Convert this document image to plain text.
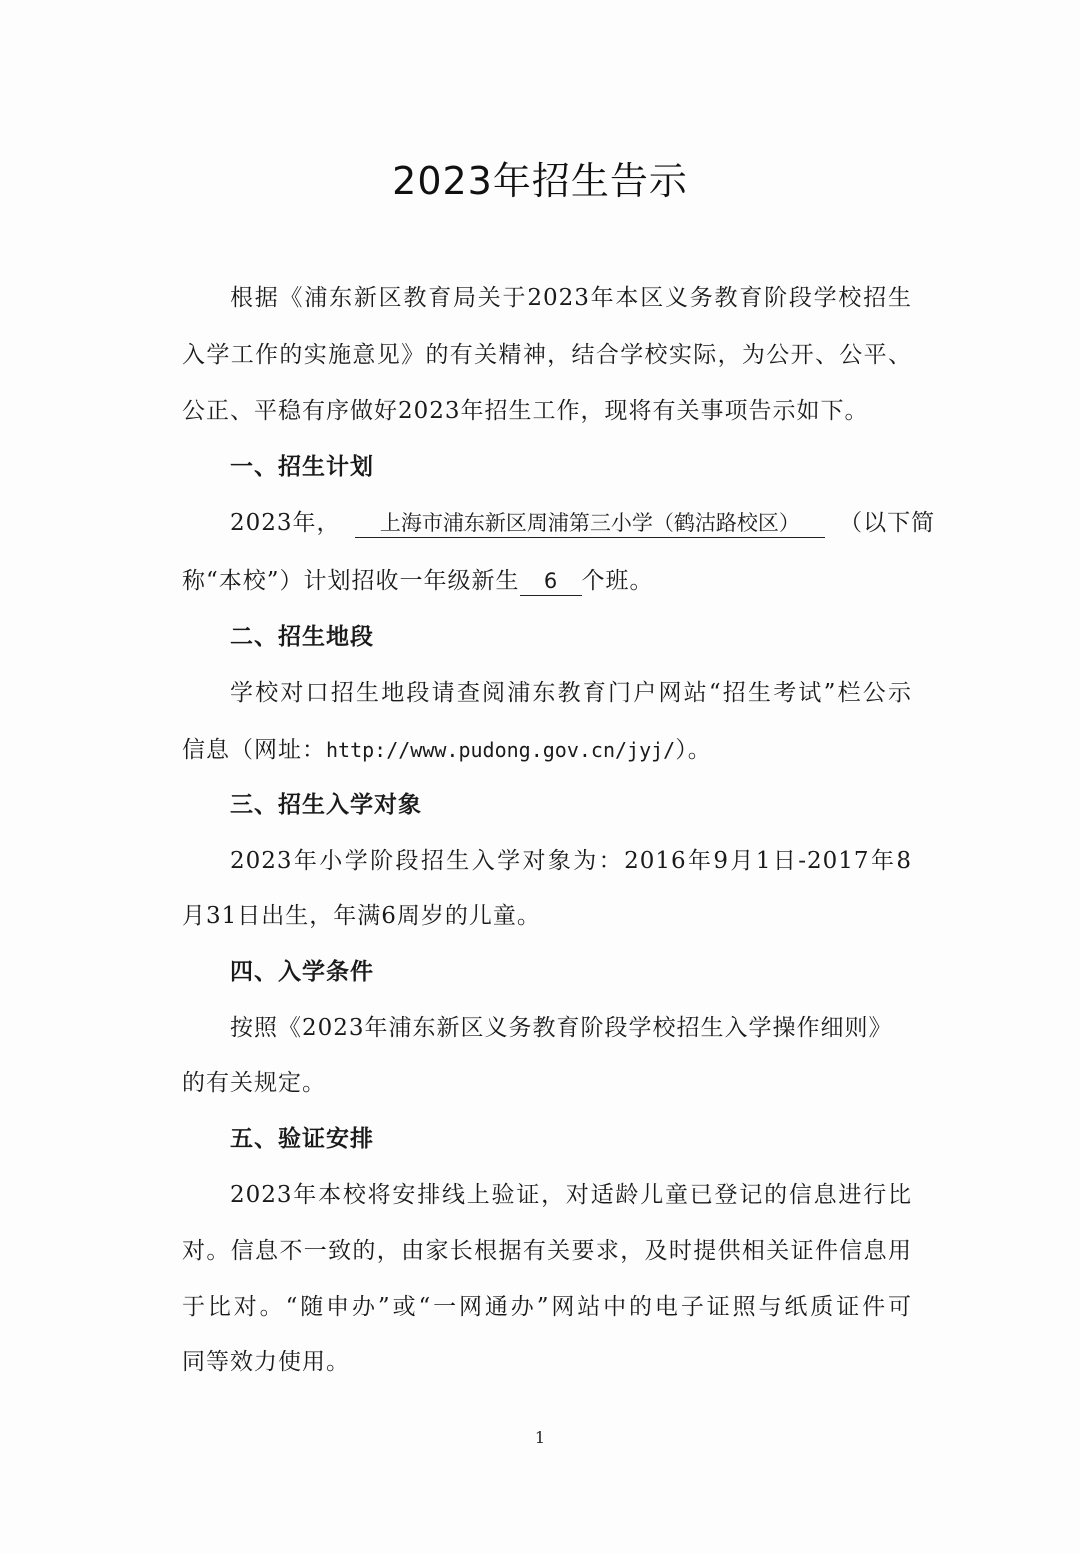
2023年招生告示
根据《浦东新区教育局关于2023年本区义务教育阶段学校招生
入学工作的实施意见》的有关精神，结合学校实际，为公开、公平、
公正、平稳有序做好2023年招生工作，现将有关事项告示如下。
一、招生计划
2023年， 上海市浦东新区周浦第三小学（鹤沽路校区） （以下简
称“本校”）计划招收一年级新生 6 个班。
二、招生地段
学校对口招生地段请查阅浦东教育门户网站“招生考试”栏公示
信息（网址：http://www.pudong.gov.cn/jyj/）。
三、招生入学对象
2023年小学阶段招生入学对象为：2016年9月1日-2017年8
月31日出生，年满6周岁的儿童。
四、入学条件
按照《2023年浦东新区义务教育阶段学校招生入学操作细则》
的有关规定。
五、验证安排
2023年本校将安排线上验证，对适龄儿童已登记的信息进行比
对。信息不一致的，由家长根据有关要求，及时提供相关证件信息用
于比对。“随申办”或“一网通办”网站中的电子证照与纸质证件可
同等效力使用。
1
